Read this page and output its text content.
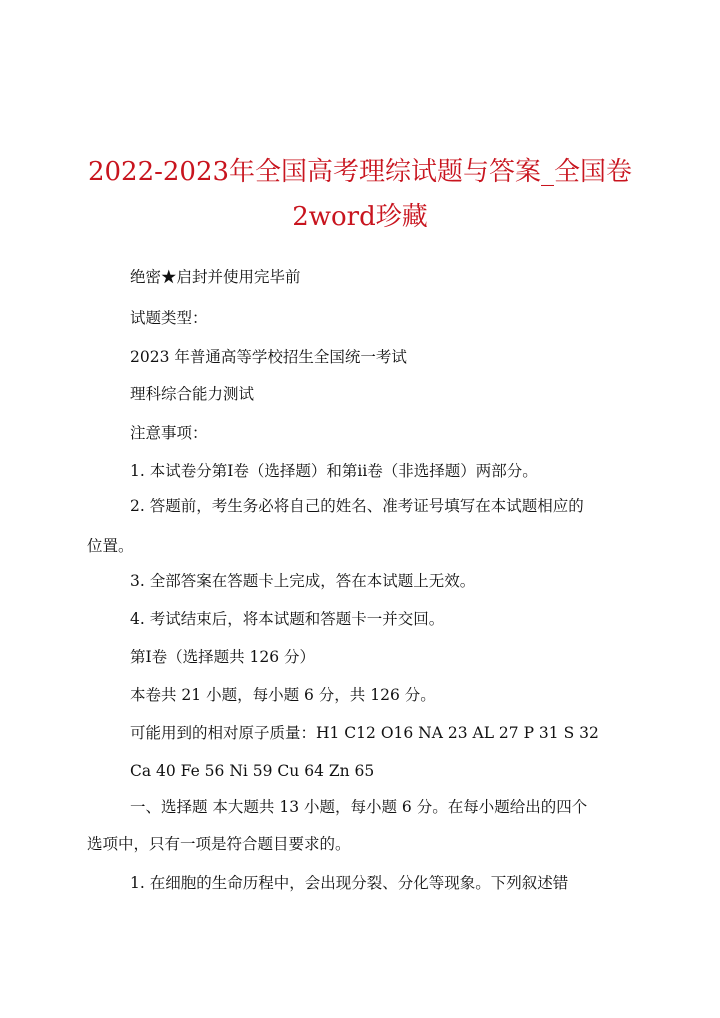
2022-2023年全国高考理综试题与答案_全国卷
2word珍藏
绝密★启封并使用完毕前
试题类型：
2023 年普通高等学校招生全国统一考试
理科综合能力测试
注意事项：
1. 本试卷分第Ⅰ卷（选择题）和第ⅱ卷（非选择题）两部分。
2. 答题前，考生务必将自己的姓名、准考证号填写在本试题相应的
位置。
3. 全部答案在答题卡上完成，答在本试题上无效。
4. 考试结束后，将本试题和答题卡一并交回。
第Ⅰ卷（选择题共 126 分）
本卷共 21 小题，每小题 6 分，共 126 分。
可能用到的相对原子质量：H1 C12 O16 NA 23 AL 27 P 31 S 32
Ca 40 Fe 56 Ni 59 Cu 64 Zn 65
一、选择题 本大题共 13 小题，每小题 6 分。在每小题给出的四个
选项中，只有一项是符合题目要求的。
1. 在细胞的生命历程中，会出现分裂、分化等现象。下列叙述错
